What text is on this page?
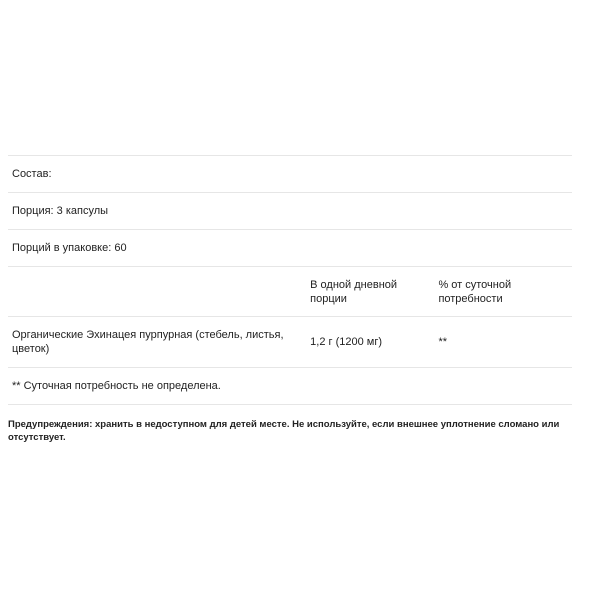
Состав:		
Порция: 3 капсулы		
Порций в упаковке: 60		
	В одной дневной порции	% от суточной потребности
Органические Эхинацея пурпурная (стебель, листья, цветок)	1,2 г (1200 мг)	**
** Суточная потребность не определена.		
Предупреждения: хранить в недоступном для детей месте. Не используйте, если внешнее уплотнение сломано или отсутствует.
